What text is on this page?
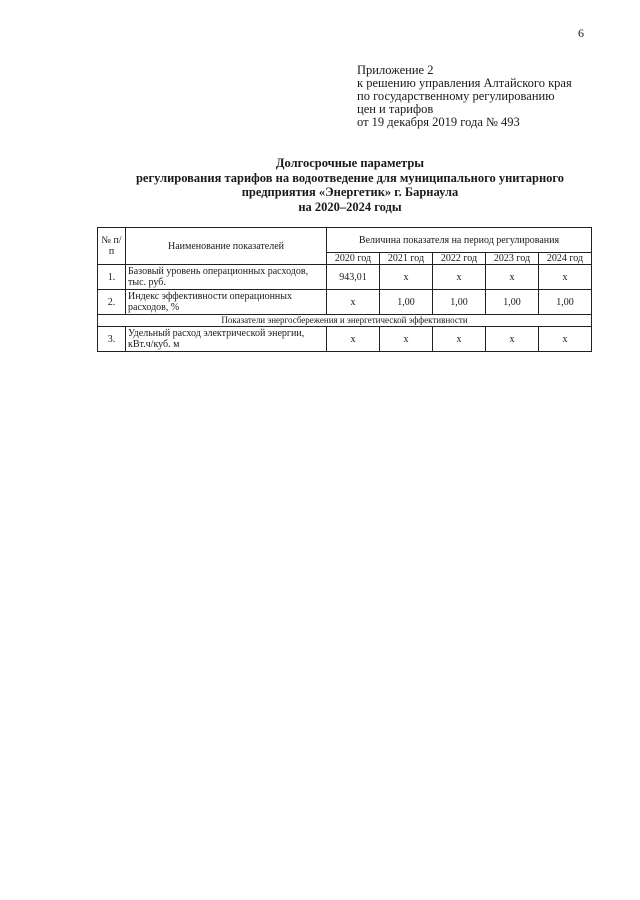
6
Приложение 2
к решению управления Алтайского края
по государственному регулированию
цен и тарифов
от 19 декабря 2019 года № 493
Долгосрочные параметры
регулирования тарифов на водоотведение для муниципального унитарного
предприятия «Энергетик» г. Барнаула
на 2020–2024 годы
№ п/п	Наименование показателей	Величина показателя на период регулирования				
		2020 год	2021 год	2022 год	2023 год	2024 год
1.	Базовый уровень операционных расходов, тыс. руб.	943,01	x	x	x	x
2.	Индекс эффективности операционных расходов, %	x	1,00	1,00	1,00	1,00
Показатели энергосбережения и энергетической эффективности						
3.	Удельный расход электрической энергии, кВт.ч/куб. м	x	x	x	x	x
